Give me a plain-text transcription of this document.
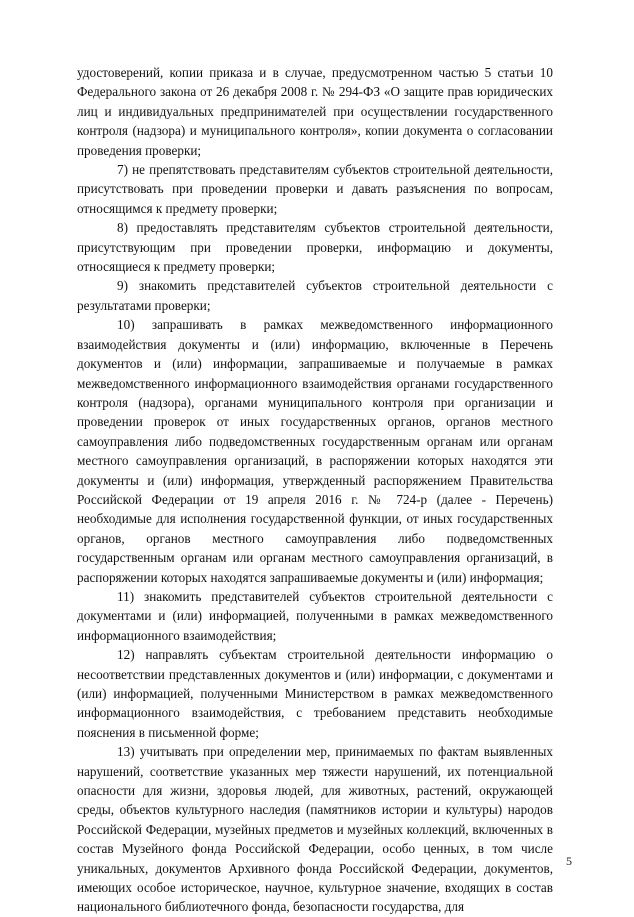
удостоверений, копии приказа и в случае, предусмотренном частью 5 статьи 10 Федерального закона от 26 декабря 2008 г. № 294-ФЗ «О защите прав юридических лиц и индивидуальных предпринимателей при осуществлении государственного контроля (надзора) и муниципального контроля», копии документа о согласовании проведения проверки;

7) не препятствовать представителям субъектов строительной деятельности, присутствовать при проведении проверки и давать разъяснения по вопросам, относящимся к предмету проверки;

8) предоставлять представителям субъектов строительной деятельности, присутствующим при проведении проверки, информацию и документы, относящиеся к предмету проверки;

9) знакомить представителей субъектов строительной деятельности с результатами проверки;

10) запрашивать в рамках межведомственного информационного взаимодействия документы и (или) информацию, включенные в Перечень документов и (или) информации, запрашиваемые и получаемые в рамках межведомственного информационного взаимодействия органами государственного контроля (надзора), органами муниципального контроля при организации и проведении проверок от иных государственных органов, органов местного самоуправления либо подведомственных государственным органам или органам местного самоуправления организаций, в распоряжении которых находятся эти документы и (или) информация, утвержденный распоряжением Правительства Российской Федерации от 19 апреля 2016 г. № 724-р (далее - Перечень) необходимые для исполнения государственной функции, от иных государственных органов, органов местного самоуправления либо подведомственных государственным органам или органам местного самоуправления организаций, в распоряжении которых находятся запрашиваемые документы и (или) информация;

11) знакомить представителей субъектов строительной деятельности с документами и (или) информацией, полученными в рамках межведомственного информационного взаимодействия;

12) направлять субъектам строительной деятельности информацию о несоответствии представленных документов и (или) информации, с документами и (или) информацией, полученными Министерством в рамках межведомственного информационного взаимодействия, с требованием представить необходимые пояснения в письменной форме;

13) учитывать при определении мер, принимаемых по фактам выявленных нарушений, соответствие указанных мер тяжести нарушений, их потенциальной опасности для жизни, здоровья людей, для животных, растений, окружающей среды, объектов культурного наследия (памятников истории и культуры) народов Российской Федерации, музейных предметов и музейных коллекций, включенных в состав Музейного фонда Российской Федерации, особо ценных, в том числе уникальных, документов Архивного фонда Российской Федерации, документов, имеющих особое историческое, научное, культурное значение, входящих в состав национального библиотечного фонда, безопасности государства, для

5
